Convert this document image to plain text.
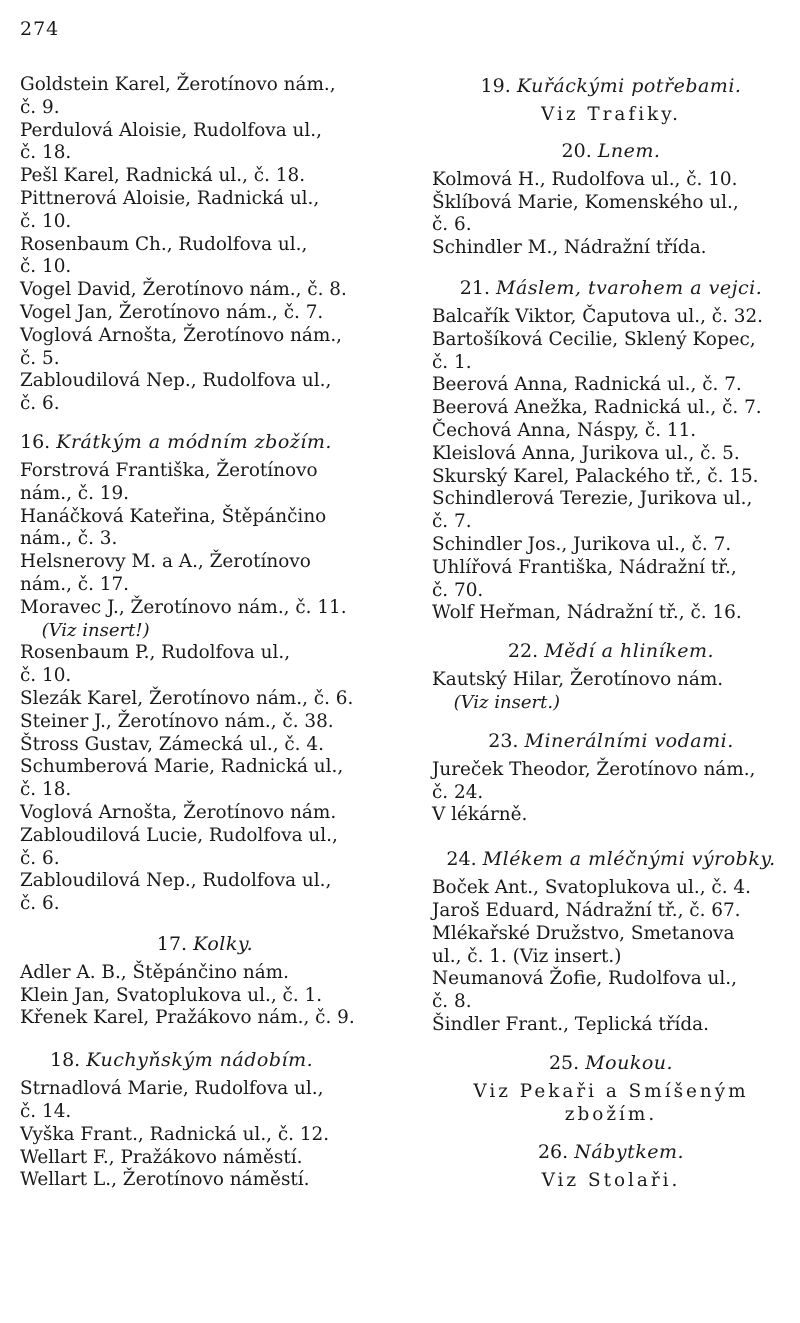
274
Goldstein Karel, Žerotínovo nám.,
č. 9.
Perdulová Aloisie, Rudolfova ul.,
č. 18.
Pešl Karel, Radnická ul., č. 18.
Pittnerová Aloisie, Radnická ul.,
č. 10.
Rosenbaum Ch., Rudolfova ul.,
č. 10.
Vogel David, Žerotínovo nám., č. 8.
Vogel Jan, Žerotínovo nám., č. 7.
Voglová Arnošta, Žerotínovo nám.,
č. 5.
Zabloudilová Nep., Rudolfova ul.,
č. 6.
16. Krátkým a módním zbožím.
Forstrová Františka, Žerotínovo
nám., č. 19.
Hanáčková Kateřina, Štěpánčino
nám., č. 3.
Helsnerovy M. a A., Žerotínovo
nám., č. 17.
Moravec J., Žerotínovo nám., č. 11.
(Viz insert!)
Rosenbaum P., Rudolfova ul.,
č. 10.
Slezák Karel, Žerotínovo nám., č. 6.
Steiner J., Žerotínovo nám., č. 38.
Štross Gustav, Zámecká ul., č. 4.
Schumberová Marie, Radnická ul.,
č. 18.
Voglová Arnošta, Žerotínovo nám.
Zabloudilová Lucie, Rudolfova ul.,
č. 6.
Zabloudilová Nep., Rudolfova ul.,
č. 6.
17. Kolky.
Adler A. B., Štěpánčino nám.
Klein Jan, Svatoplukova ul., č. 1.
Křenek Karel, Pražákovo nám., č. 9.
18. Kuchyňským nádobím.
Strnadlová Marie, Rudolfova ul.,
č. 14.
Vyška Frant., Radnická ul., č. 12.
Wellart F., Pražákovo náměstí.
Wellart L., Žerotínovo náměstí.
19. Kuřáckými potřebami.
Viz Trafiky.
20. Lnem.
Kolmová H., Rudolfova ul., č. 10.
Šklíbová Marie, Komenského ul.,
č. 6.
Schindler M., Nádražní třída.
21. Máslem, tvarohem a vejci.
Balcařík Viktor, Čaputova ul., č. 32.
Bartošíková Cecilie, Sklený Kopec,
č. 1.
Beerová Anna, Radnická ul., č. 7.
Beerová Anežka, Radnická ul., č. 7.
Čechová Anna, Náspy, č. 11.
Kleislová Anna, Jurikova ul., č. 5.
Skurský Karel, Palackého tř., č. 15.
Schindlerová Terezie, Jurikova ul.,
č. 7.
Schindler Jos., Jurikova ul., č. 7.
Uhlířová Františka, Nádražní tř.,
č. 70.
Wolf Heřman, Nádražní tř., č. 16.
22. Mědí a hliníkem.
Kautský Hilar, Žerotínovo nám.
(Viz insert.)
23. Minerálními vodami.
Jureček Theodor, Žerotínovo nám.,
č. 24.
V lékárně.
24. Mlékem a mléčnými výrobky.
Boček Ant., Svatoplukova ul., č. 4.
Jaroš Eduard, Nádražní tř., č. 67.
Mlékařské Družstvo, Smetanova
ul., č. 1. (Viz insert.)
Neumanová Žofie, Rudolfova ul.,
č. 8.
Šindler Frant., Teplická třída.
25. Moukou.
Viz Pekaři a Smíšeným
zbožím.
26. Nábytkem.
Viz Stolaři.
